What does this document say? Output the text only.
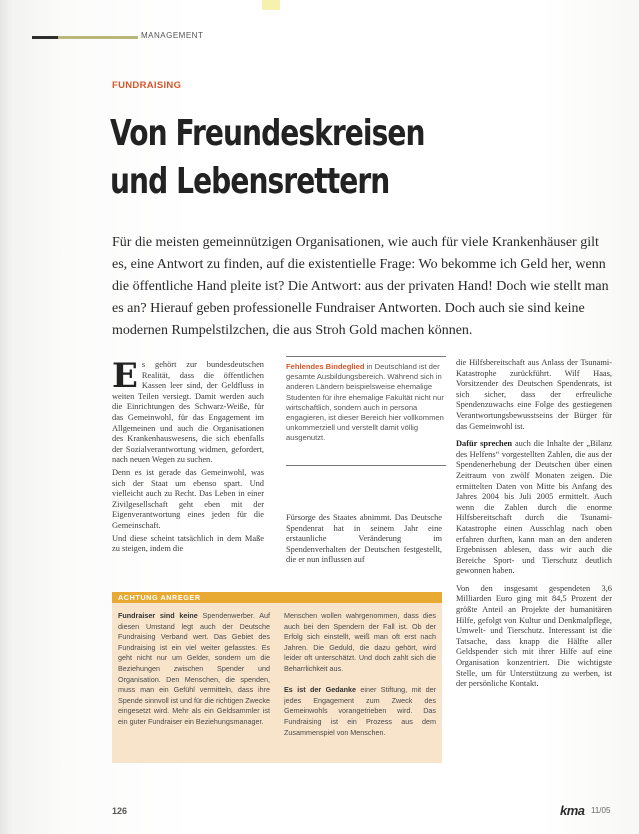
MANAGEMENT
FUNDRAISING
Von Freundeskreisen
und Lebensrettern
Für die meisten gemeinnützigen Organisationen, wie auch für viele Krankenhäuser gilt es, eine Antwort zu finden, auf die existentielle Frage: Wo bekomme ich Geld her, wenn die öffentliche Hand pleite ist? Die Antwort: aus der privaten Hand! Doch wie stellt man es an? Hierauf geben professionelle Fundraiser Antworten. Doch auch sie sind keine modernen Rumpelstilzchen, die aus Stroh Gold machen können.
E s gehört zur bundesdeutschen Realität, dass die öffentlichen Kassen leer sind, der Geldfluss in weiten Teilen versiegt. Damit werden auch die Einrichtungen des Schwarz-Weiße, für das Gemeinwohl, für das Engagement im Allgemeinen und auch die Organisationen des Krankenhauswesens, die sich ebenfalls der Sozialverantwortung widmen, gefordert, nach neuen Wegen zu suchen.

Denn es ist gerade das Gemeinwohl, was sich der Staat um ebenso spart. Und vielleicht auch zu Recht. Das Leben in einer Zivilgesellschaft geht eben mit der Eigenverantwortung eines jeden für die Gemeinschaft.

Und diese scheint tatsächlich in dem Maße zu steigen, indem die

Fehlendes Bindeglied in Deutschland ist der gesamte Ausbildungsbereich. Während sich in anderen Ländern beispielsweise ehemalige Studenten für ihre ehemalige Fakultät nicht nur wirtschaftlich, sondern auch in persona engagieren, ist dieser Bereich hier vollkommen unkommerziell und verstellt damit völlig ausgenutzt.
Fürsorge des Staates abnimmt. Das Deutsche Spendenrat hat in seinem Jahr eine erstaunliche Veränderung im Spendenverhalten der Deutschen festgestellt, die er nun influssen auf

die Hilfsbereitschaft aus Anlass der Tsunami-Katastrophe zurückführt. Wilf Haas, Vorsitzender des Deutschen Spendenrats, ist sich sicher, dass der erfreuliche Spendenzuwachs eine Folge des gestiegenen Verantwortungsbewusstseins der Bürger für das Gemeinwohl ist.

Dafür sprechen auch die Inhalte der „Bilanz des Helfens“ vorgestellten Zahlen, die aus der Spendenerhebung der Deutschen über einen Zeitraum von zwölf Monaten zeigen. Die ermittelten Daten von Mitte bis Anfang des Jahres 2004 bis Juli 2005 ermittelt. Auch wenn die Zahlen durch die enorme Hilfsbereitschaft durch die Tsunami-Katastrophe einen Ausschlag nach oben erfahren durften, kann man an den anderen Ergebnissen ablesen, dass wir auch die Bereiche Sport- und Tierschutz deutlich gewonnen haben.

Von den insgesamt gespendeten 3,6 Milliarden Euro ging mit 84,5 Prozent der größte Anteil an Projekte der humanitären Hilfe, gefolgt von Kultur und Denkmalpflege, Umwelt- und Tierschutz. Interessant ist die Tatsache, dass knapp die Hälfte aller Geldspender sich mit ihrer Hilfe auf eine Organisation konzentriert. Die wichtigste Stelle, um für Unterstützung zu werben, ist der persönliche Kontakt.

ACHTUNG ANREGER
Fundraiser sind keine Spendenwerber. Auf diesen Umstand legt auch der Deutsche Fundraising Verband wert. Das Gebiet des Fundraising ist ein viel weiter gefasstes. Es geht nicht nur um Gelder, sondern um die Beziehungen zwischen Spender und Organisation. Den Menschen, die spenden, muss man ein Gefühl vermitteln, dass ihre Spende sinnvoll ist und für die richtigen Zwecke eingesetzt wird. Mehr als ein Geldsammler ist ein guter Fundraiser ein Beziehungsmanager.
Menschen wollen wahrgenommen, dass dies auch bei den Spendern der Fall ist. Ob der Erfolg sich einstellt, weiß man oft erst nach Jahren. Die Geduld, die dazu gehört, wird leider oft unterschätzt. Und doch zahlt sich die Beharrlichkeit aus.

Es ist der Gedanke einer Stiftung, mit der jedes Engagement zum Zweck des Gemeinwohls vorangetrieben wird. Das Fundraising ist ein Prozess aus dem Zusammenspiel von Menschen.
126	kma 11/05
